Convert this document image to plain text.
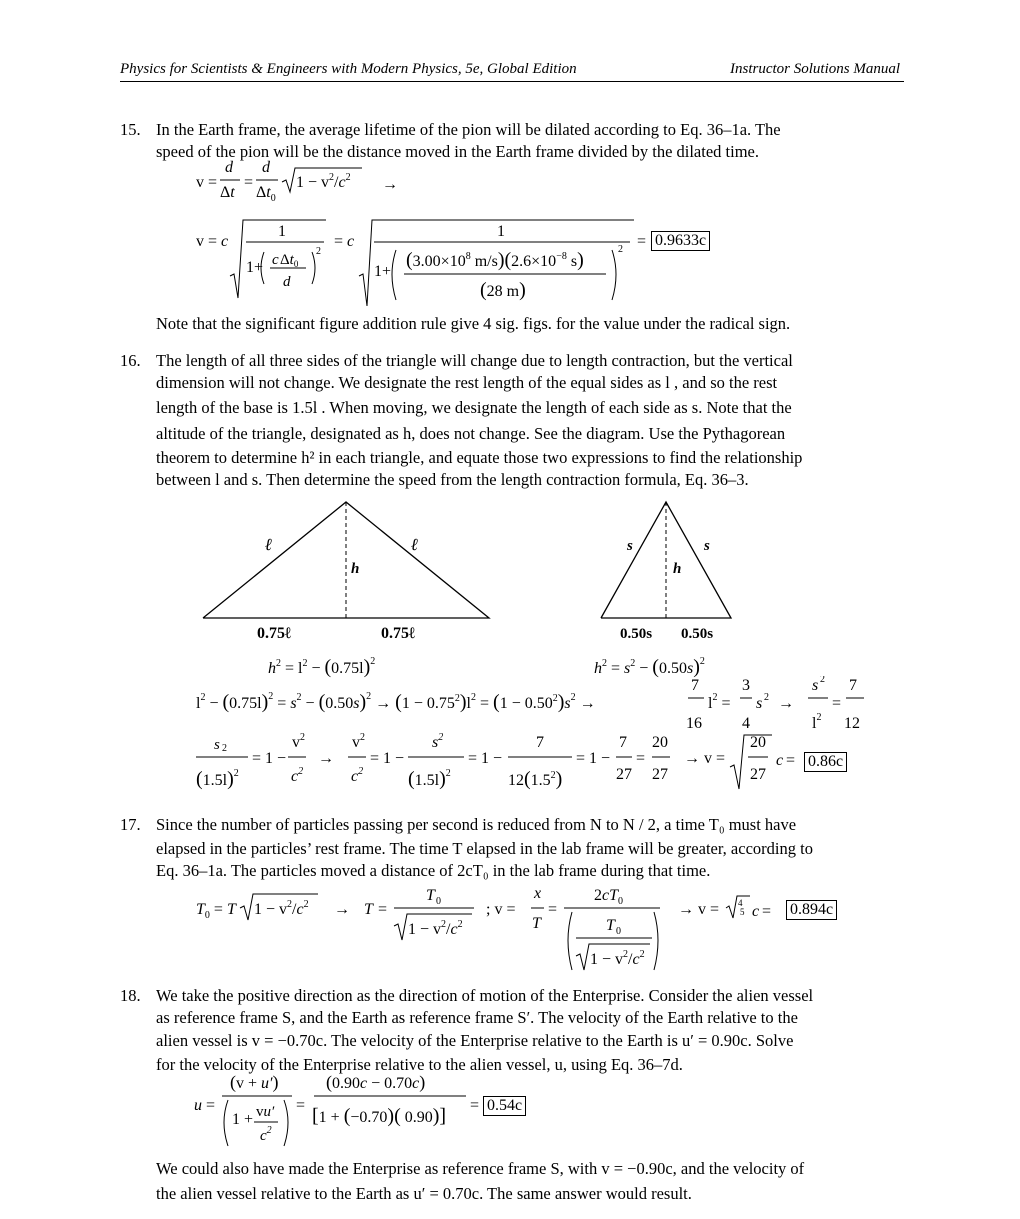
Physics for Scientists & Engineers with Modern Physics, 5e, Global Edition	Instructor Solutions Manual
15. In the Earth frame, the average lifetime of the pion will be dilated according to Eq. 36–1a. The
speed of the pion will be the distance moved in the Earth frame divided by the dilated time.
v =
d
Δt
=
d
$\Delta t_0$
$1 - v^2/c^2$ →
v = c
1
1+ c $\Delta t_0$
d
2
= c
1
1+
($3.00\times 10^8$ $m/s)(2.6\times 10^{-8}$ s)
(28 m)
2 = 0.9633c
Note that the significant figure addition rule give 4 sig. figs. for the value under the radical sign.
16. The length of all three sides of the triangle will change due to length contraction, but the vertical
dimension will not change. We designate the rest length of the equal sides as l , and so the rest
length of the base is 1.5l . When moving, we designate the length of each side as s. Note that the
altitude of the triangle, designated as h, does not change. See the diagram. Use the Pythagorean
theorem to determine h² in each triangle, and equate those two expressions to find the relationship
between l and s. Then determine the speed from the length contraction formula, Eq. 36–3.
ℓ	ℓ
h
0.75ℓ	0.75ℓ
s	s
h
0.50s 0.50s
$h^2 = l^2 - (0.75l)^2$	$h^2 = s^2 - (0.50s)^2$
$l^2 - (0.75l)^2 = s^2 - (0.50s)^2 \to (1 - 0.75^2)l^2 = (1 - 0.50^2)s^2$ →
7
16
$l^2$ =
3
4
s 2 →
s 2
$l^2$
=
7
12
s 2
$(1.5l)^2$
= 1 −
$v^2$
$c^2$
→
$v^2$
$c^2$
= 1 −
$s^2$
$(1.5l)^2$
= 1 −
7
$12(1.5^2)$
= 1 −
7
27
=
20
27
→ v =
20
27
c = 0.86c
17. Since the number of particles passing per second is reduced from N to N / 2, a time T₀ must have
elapsed in the particles’ rest frame. The time T elapsed in the lab frame will be greater, according to
Eq. 36–1a. The particles moved a distance of 2cT₀ in the lab frame during that time.
$T_0 = T$ $1 - v^2/c^2 \to T$ =
T 0
$1 - v^2/c^2$
; v =
x
T
=
$2cT_0$
T 0
$1 - v^2/c^2$
→ v = 4
5 c = 0.894c
18. We take the positive direction as the direction of motion of the Enterprise. Consider the alien vessel
as reference frame S, and the Earth as reference frame S′. The velocity of the Earth relative to the
alien vessel is v = −0.70c. The velocity of the Enterprise relative to the Earth is u′ = 0.90c. Solve
for the velocity of the Enterprise relative to the alien vessel, u, using Eq. 36–7d.
u =
(v + u′)
1 + vu′
$c^2$
=
(0.90c − 0.70c)
[1 + (−0.70)( 0.90)] = 0.54c
We could also have made the Enterprise as reference frame S, with v = −0.90c, and the velocity of
the alien vessel relative to the Earth as u′ = 0.70c. The same answer would result.
